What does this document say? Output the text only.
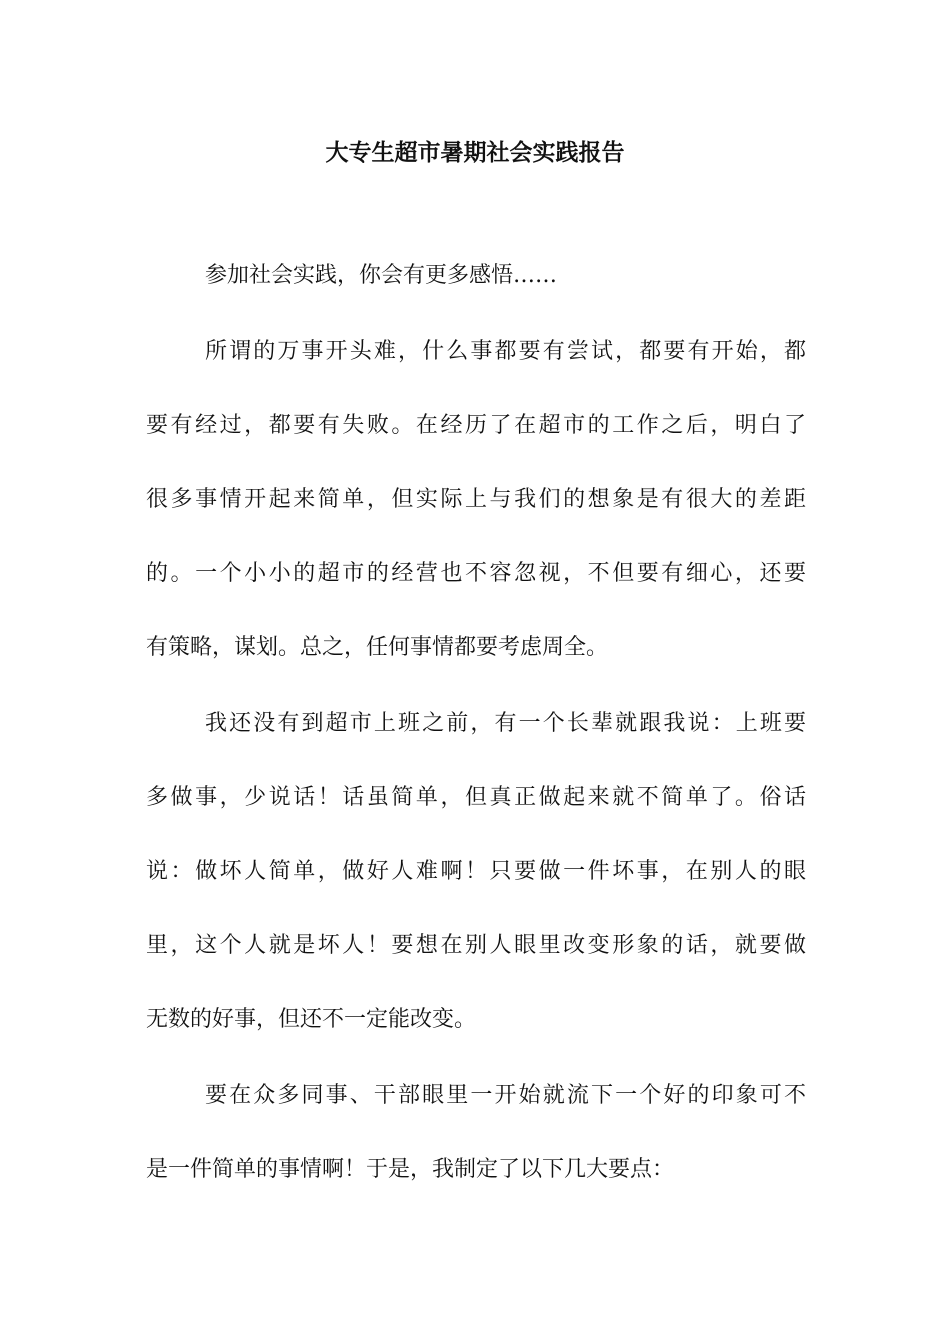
大专生超市暑期社会实践报告

参加社会实践，你会有更多感悟……

所谓的万事开头难，什么事都要有尝试，都要有开始，都

要有经过，都要有失败。在经历了在超市的工作之后，明白了

很多事情开起来简单，但实际上与我们的想象是有很大的差距

的。一个小小的超市的经营也不容忽视，不但要有细心，还要

有策略，谋划。总之，任何事情都要考虑周全。

我还没有到超市上班之前，有一个长辈就跟我说：上班要

多做事，少说话！话虽简单，但真正做起来就不简单了。俗话

说：做坏人简单，做好人难啊！只要做一件坏事，在别人的眼

里，这个人就是坏人！要想在别人眼里改变形象的话，就要做

无数的好事，但还不一定能改变。

要在众多同事、干部眼里一开始就流下一个好的印象可不

是一件简单的事情啊！于是，我制定了以下几大要点：
